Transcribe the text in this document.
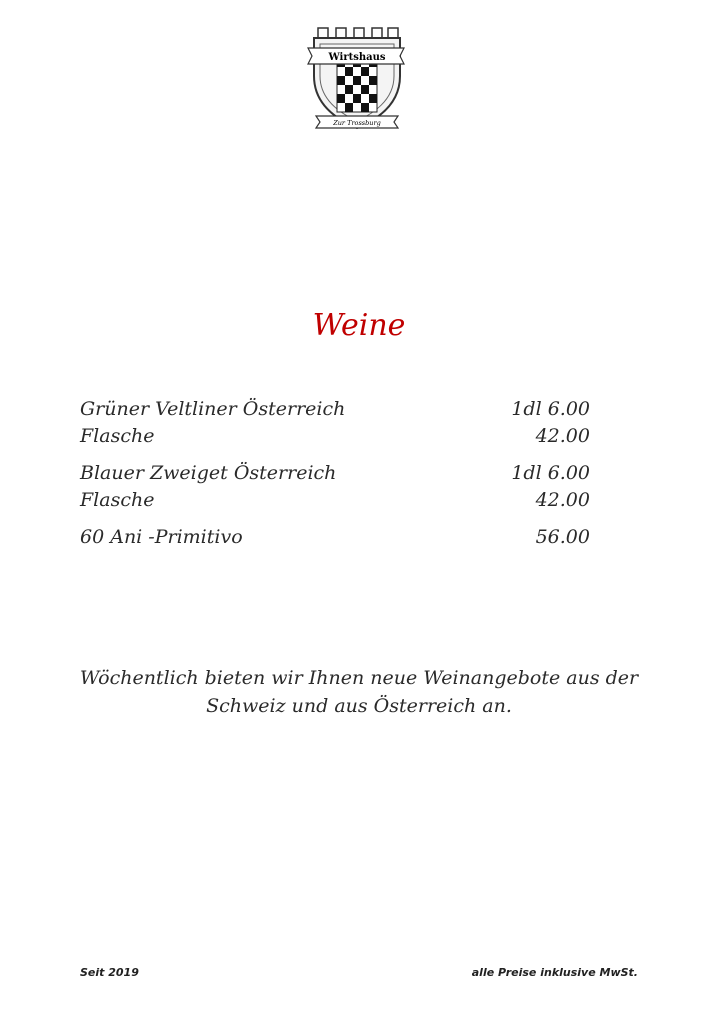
Wirtshaus
Zur Trossburg
Weine
Grüner Veltliner Österreich	1dl 6.00
Flasche	42.00
Blauer Zweiget Österreich	1dl 6.00
Flasche	42.00
60 Ani -Primitivo	56.00
Wöchentlich bieten wir Ihnen neue Weinangebote aus der Schweiz und aus Österreich an.
Seit 2019	alle Preise inklusive MwSt.
